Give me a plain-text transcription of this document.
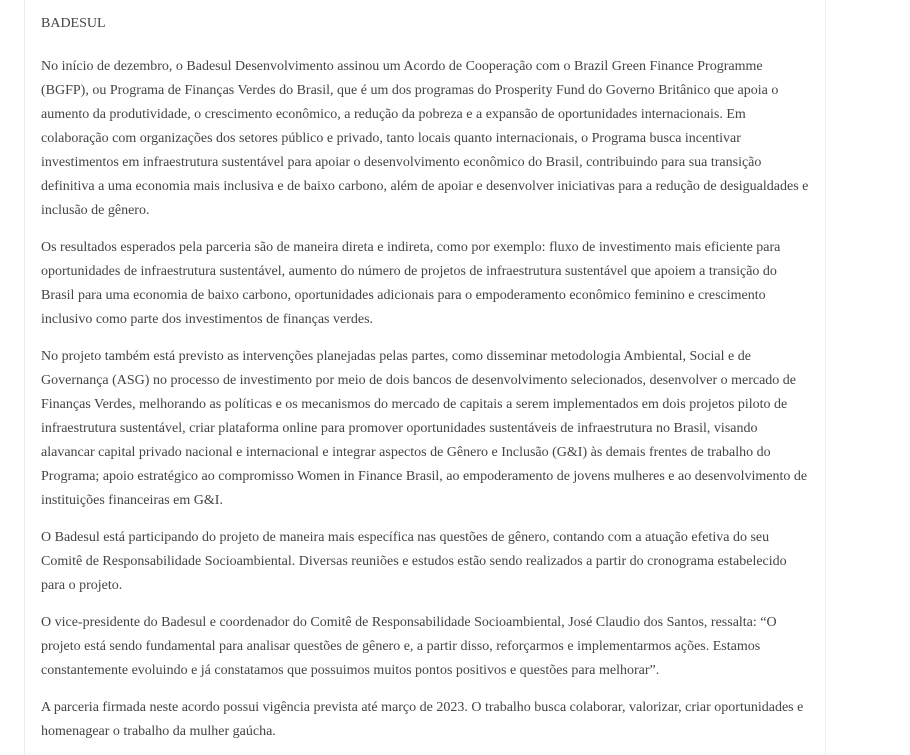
BADESUL

No início de dezembro, o Badesul Desenvolvimento assinou um Acordo de Cooperação com o Brazil Green Finance Programme (BGFP), ou Programa de Finanças Verdes do Brasil, que é um dos programas do Prosperity Fund do Governo Britânico que apoia o aumento da produtividade, o crescimento econômico, a redução da pobreza e a expansão de oportunidades internacionais. Em colaboração com organizações dos setores público e privado, tanto locais quanto internacionais, o Programa busca incentivar investimentos em infraestrutura sustentável para apoiar o desenvolvimento econômico do Brasil, contribuindo para sua transição definitiva a uma economia mais inclusiva e de baixo carbono, além de apoiar e desenvolver iniciativas para a redução de desigualdades e inclusão de gênero.

Os resultados esperados pela parceria são de maneira direta e indireta, como por exemplo: fluxo de investimento mais eficiente para oportunidades de infraestrutura sustentável, aumento do número de projetos de infraestrutura sustentável que apoiem a transição do Brasil para uma economia de baixo carbono, oportunidades adicionais para o empoderamento econômico feminino e crescimento inclusivo como parte dos investimentos de finanças verdes.

No projeto também está previsto as intervenções planejadas pelas partes, como disseminar metodologia Ambiental, Social e de Governança (ASG) no processo de investimento por meio de dois bancos de desenvolvimento selecionados, desenvolver o mercado de Finanças Verdes, melhorando as políticas e os mecanismos do mercado de capitais a serem implementados em dois projetos piloto de infraestrutura sustentável, criar plataforma online para promover oportunidades sustentáveis de infraestrutura no Brasil, visando alavancar capital privado nacional e internacional e integrar aspectos de Gênero e Inclusão (G&I) às demais frentes de trabalho do Programa; apoio estratégico ao compromisso Women in Finance Brasil, ao empoderamento de jovens mulheres e ao desenvolvimento de instituições financeiras em G&I.

O Badesul está participando do projeto de maneira mais específica nas questões de gênero, contando com a atuação efetiva do seu Comitê de Responsabilidade Socioambiental. Diversas reuniões e estudos estão sendo realizados a partir do cronograma estabelecido para o projeto.

O vice-presidente do Badesul e coordenador do Comitê de Responsabilidade Socioambiental, José Claudio dos Santos, ressalta: “O projeto está sendo fundamental para analisar questões de gênero e, a partir disso, reforçarmos e implementarmos ações. Estamos constantemente evoluindo e já constatamos que possuimos muitos pontos positivos e questões para melhorar”.

A parceria firmada neste acordo possui vigência prevista até março de 2023. O trabalho busca colaborar, valorizar, criar oportunidades e homenagear o trabalho da mulher gaúcha.
